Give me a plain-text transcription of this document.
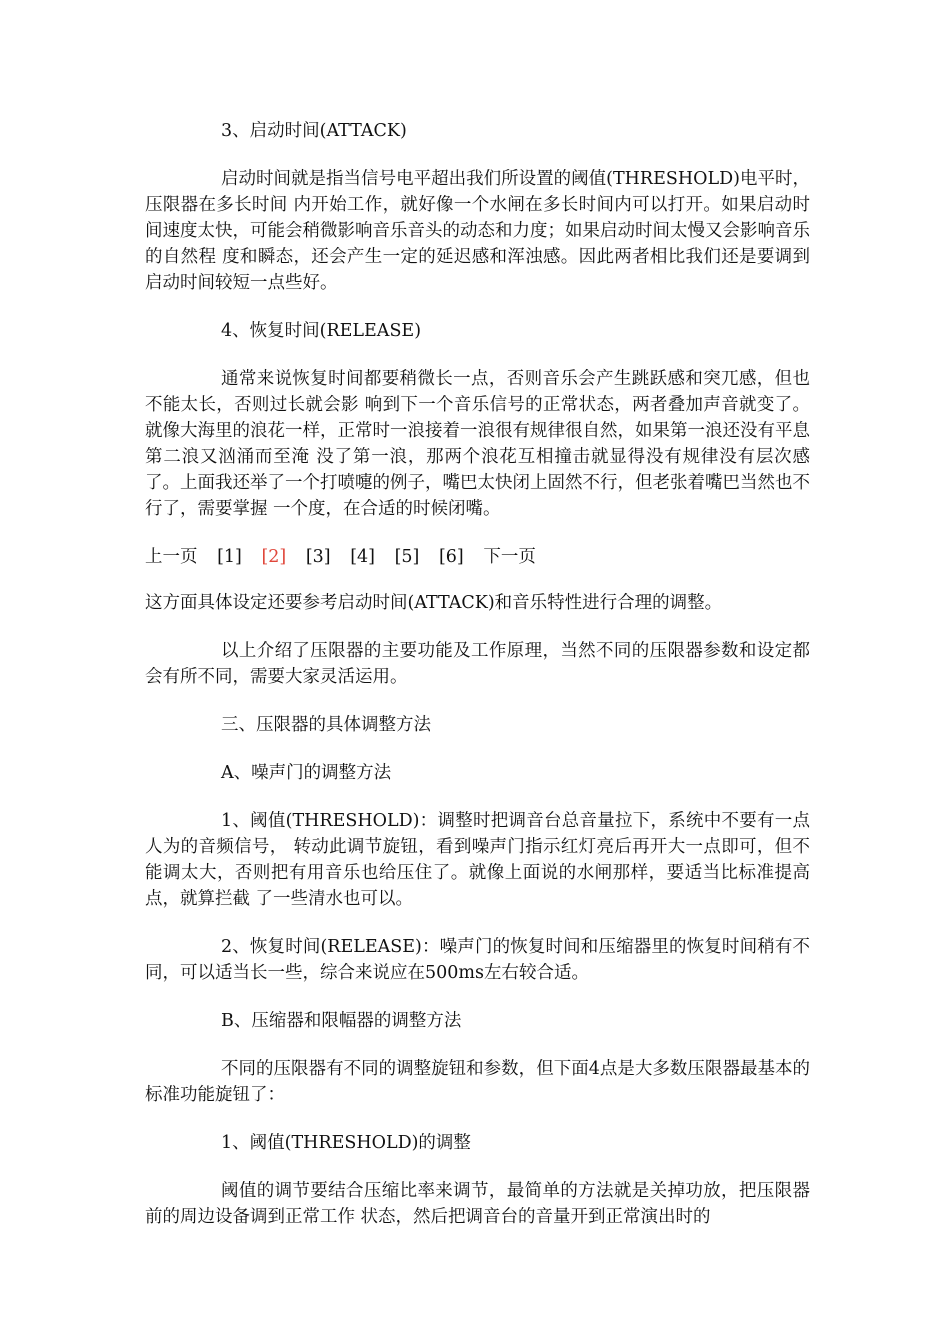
3、启动时间(ATTACK)

启动时间就是指当信号电平超出我们所设置的阈值(THRESHOLD)电平时，压限器在多长时间 内开始工作，就好像一个水闸在多长时间内可以打开。如果启动时间速度太快，可能会稍微影响音乐音头的动态和力度；如果启动时间太慢又会影响音乐的自然程 度和瞬态，还会产生一定的延迟感和浑浊感。因此两者相比我们还是要调到启动时间较短一点些好。

4、恢复时间(RELEASE)

通常来说恢复时间都要稍微长一点，否则音乐会产生跳跃感和突兀感，但也不能太长，否则过长就会影 响到下一个音乐信号的正常状态，两者叠加声音就变了。就像大海里的浪花一样，正常时一浪接着一浪很有规律很自然，如果第一浪还没有平息第二浪又汹涌而至淹 没了第一浪，那两个浪花互相撞击就显得没有规律没有层次感了。上面我还举了一个打喷嚏的例子，嘴巴太快闭上固然不行，但老张着嘴巴当然也不行了，需要掌握 一个度，在合适的时候闭嘴。

上一页 [1] [2] [3] [4] [5] [6] 下一页

这方面具体设定还要参考启动时间(ATTACK)和音乐特性进行合理的调整。

以上介绍了压限器的主要功能及工作原理，当然不同的压限器参数和设定都会有所不同，需要大家灵活运用。

三、压限器的具体调整方法

A、噪声门的调整方法

1、阈值(THRESHOLD)：调整时把调音台总音量拉下，系统中不要有一点人为的音频信号， 转动此调节旋钮，看到噪声门指示红灯亮后再开大一点即可，但不能调太大，否则把有用音乐也给压住了。就像上面说的水闸那样，要适当比标准提高点，就算拦截 了一些清水也可以。

2、恢复时间(RELEASE)：噪声门的恢复时间和压缩器里的恢复时间稍有不同，可以适当长一些，综合来说应在500ms左右较合适。

B、压缩器和限幅器的调整方法

不同的压限器有不同的调整旋钮和参数，但下面4点是大多数压限器最基本的标准功能旋钮了：

1、阈值(THRESHOLD)的调整

阈值的调节要结合压缩比率来调节，最简单的方法就是关掉功放，把压限器前的周边设备调到正常工作 状态，然后把调音台的音量开到正常演出时的
